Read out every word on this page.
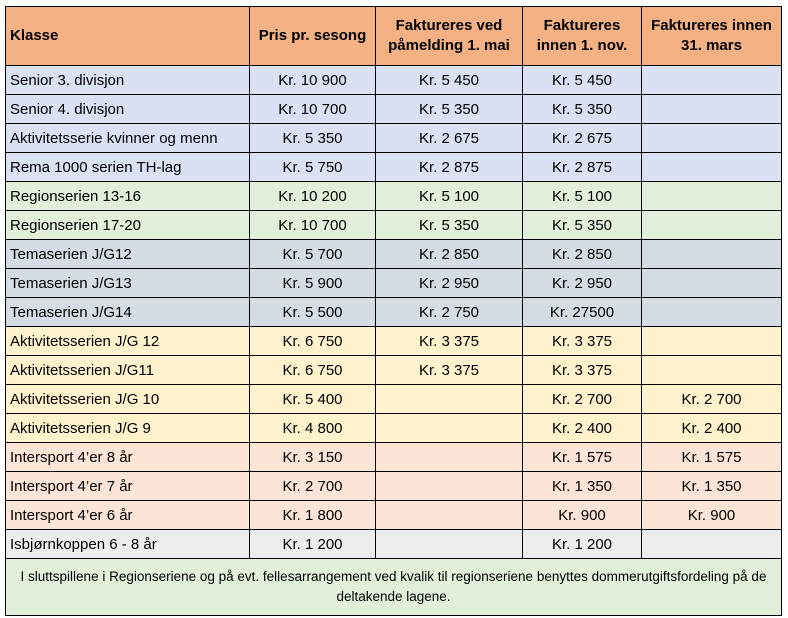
Klasse	Pris pr. sesong	Faktureres ved påmelding 1. mai	Faktureres innen 1. nov.	Faktureres innen 31. mars
Senior 3. divisjon	Kr. 10 900	Kr. 5 450	Kr. 5 450	
Senior 4. divisjon	Kr. 10 700	Kr. 5 350	Kr. 5 350	
Aktivitetsserie kvinner og menn	Kr. 5 350	Kr. 2 675	Kr. 2 675	
Rema 1000 serien TH-lag	Kr. 5 750	Kr. 2 875	Kr. 2 875	
Regionserien 13-16	Kr. 10 200	Kr. 5 100	Kr. 5 100	
Regionserien 17-20	Kr. 10 700	Kr. 5 350	Kr. 5 350	
Temaserien J/G12	Kr. 5 700	Kr. 2 850	Kr. 2 850	
Temaserien J/G13	Kr. 5 900	Kr. 2 950	Kr. 2 950	
Temaserien J/G14	Kr. 5 500	Kr. 2 750	Kr. 27500	
Aktivitetsserien J/G 12	Kr. 6 750	Kr. 3 375	Kr. 3 375	
Aktivitetsserien J/G11	Kr. 6 750	Kr. 3 375	Kr. 3 375	
Aktivitetsserien J/G 10	Kr. 5 400		Kr. 2 700	Kr. 2 700
Aktivitetsserien J/G 9	Kr. 4 800		Kr. 2 400	Kr. 2 400
Intersport 4’er 8 år	Kr. 3 150		Kr. 1 575	Kr. 1 575
Intersport 4’er 7 år	Kr. 2 700		Kr. 1 350	Kr. 1 350
Intersport 4’er 6 år	Kr. 1 800		Kr. 900	Kr. 900
Isbjørnkoppen 6 - 8 år	Kr. 1 200		Kr. 1 200	
I sluttspillene i Regionseriene og på evt. fellesarrangement ved kvalik til regionseriene benyttes dommerutgiftsfordeling på de deltakende lagene.				
